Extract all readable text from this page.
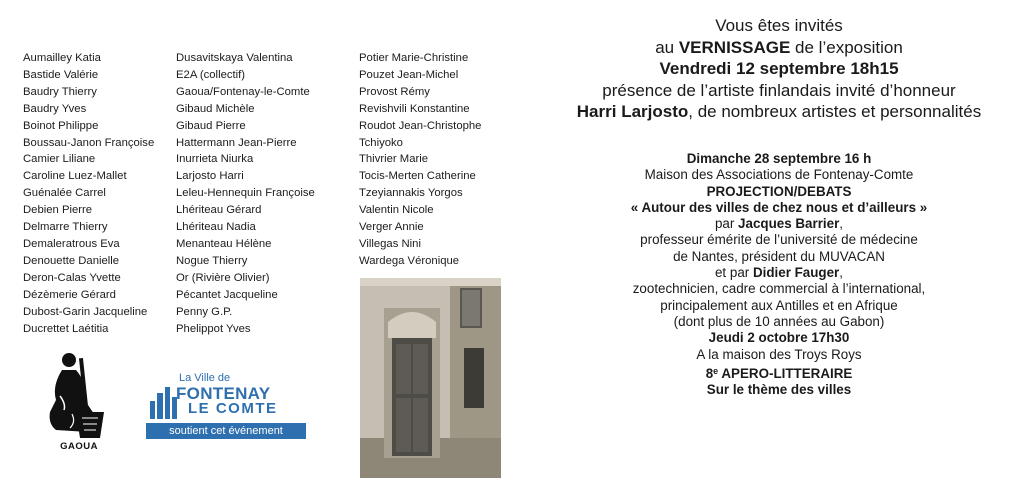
Aumailley Katia
Bastide Valérie
Baudry Thierry
Baudry Yves
Boinot Philippe
Boussau-Janon Françoise
Camier Liliane
Caroline Luez-Mallet
Guénalée Carrel
Debien Pierre
Delmarre Thierry
Demaleratrous Eva
Denouette Danielle
Deron-Calas Yvette
Dézèmerie Gérard
Dubost-Garin Jacqueline
Ducrettet Laétitia
Dusavitskaya Valentina
E2A (collectif)
Gaoua/Fontenay-le-Comte
Gibaud Michèle
Gibaud Pierre
Hattermann Jean-Pierre
Inurrieta Niurka
Larjosto Harri
Leleu-Hennequin Françoise
Lhériteau Gérard
Lhériteau Nadia
Menanteau Hélène
Nogue Thierry
Or (Rivière Olivier)
Pécantet Jacqueline
Penny G.P.
Phelippot Yves
Potier Marie-Christine
Pouzet Jean-Michel
Provost Rémy
Revishvili Konstantine
Roudot Jean-Christophe
Tchiyoko
Thivrier Marie
Tocis-Merten Catherine
Tzeyiannakis Yorgos
Valentin Nicole
Verger Annie
Villegas Nini
Wardega Véronique
GAOUA
La Ville de
FONTENAY
LE COMTE
soutient cet événement
Vous êtes invités
au VERNISSAGE de l’exposition
Vendredi 12 septembre 18h15
présence de l’artiste finlandais invité d’honneur
Harri Larjosto, de nombreux artistes et personnalités
Dimanche 28 septembre 16 h
Maison des Associations de Fontenay-Comte
PROJECTION/DEBATS
« Autour des villes de chez nous et d’ailleurs »
par Jacques Barrier,
professeur émérite de l’université de médecine
de Nantes, président du MUVACAN
et par Didier Fauger,
zootechnicien, cadre commercial à l’international,
principalement aux Antilles et en Afrique
(dont plus de 10 années au Gabon)
Jeudi 2 octobre 17h30
A la maison des Troys Roys
8e APERO-LITTERAIRE
Sur le thème des villes
